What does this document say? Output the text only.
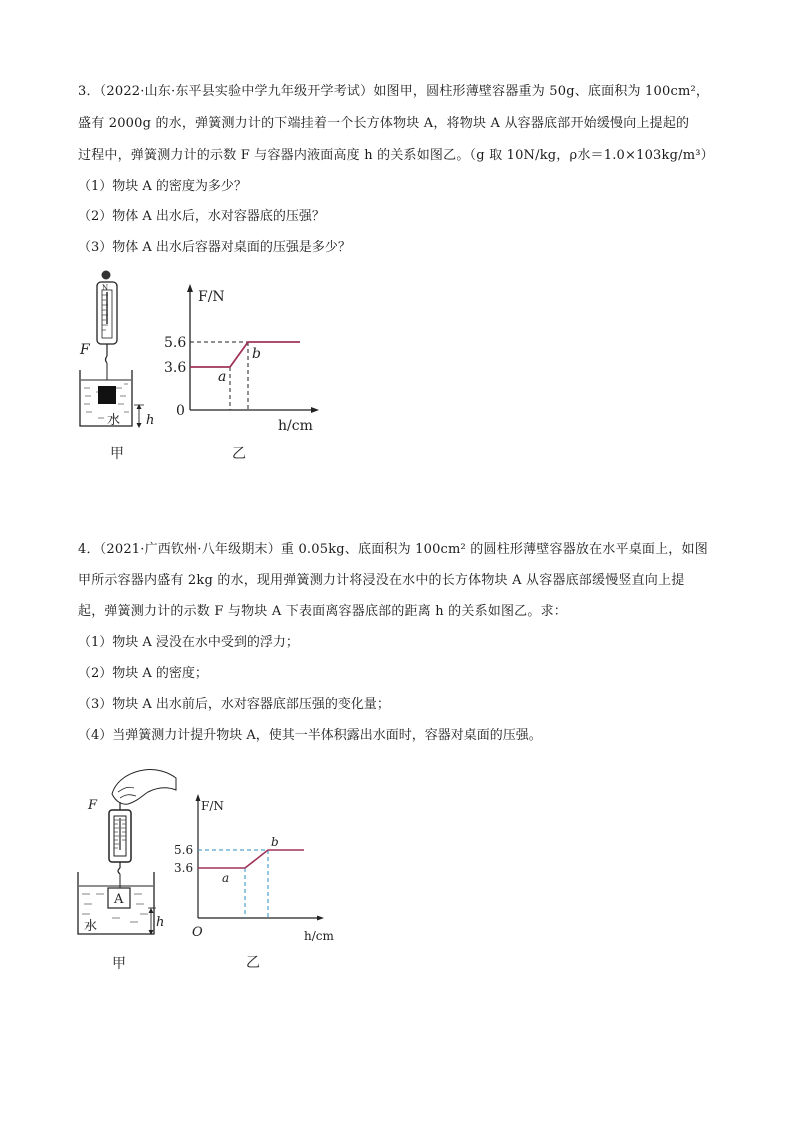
3．（2022·山东·东平县实验中学九年级开学考试）如图甲，圆柱形薄壁容器重为 50g、底面积为 100cm²，
盛有 2000g 的水，弹簧测力计的下端挂着一个长方体物块 A，将物块 A 从容器底部开始缓慢向上提起的
过程中，弹簧测力计的示数 F 与容器内液面高度 h 的关系如图乙。（g 取 10N/kg，ρ水＝1.0×103kg/m³）
（1）物块 A 的密度为多少？
（2）物体 A 出水后，水对容器底的压强？
（3）物体 A 出水后容器对桌面的压强是多少？
N
F
水 h
甲
F/N
h/cm
5.6
3.6
0
a
b
乙
4．（2021·广西钦州·八年级期末）重 0.05kg、底面积为 100cm² 的圆柱形薄壁容器放在水平桌面上，如图
甲所示容器内盛有 2kg 的水，现用弹簧测力计将浸没在水中的长方体物块 A 从容器底部缓慢竖直向上提
起，弹簧测力计的示数 F 与物块 A 下表面离容器底部的距离 h 的关系如图乙。求：
（1）物块 A 浸没在水中受到的浮力；
（2）物块 A 的密度；
（3）物块 A 出水前后，水对容器底部压强的变化量；
（4）当弹簧测力计提升物块 A，使其一半体积露出水面时，容器对桌面的压强。
F
A
水	h
甲
F/N
h/cm
5.6
3.6
O
a
b
乙
